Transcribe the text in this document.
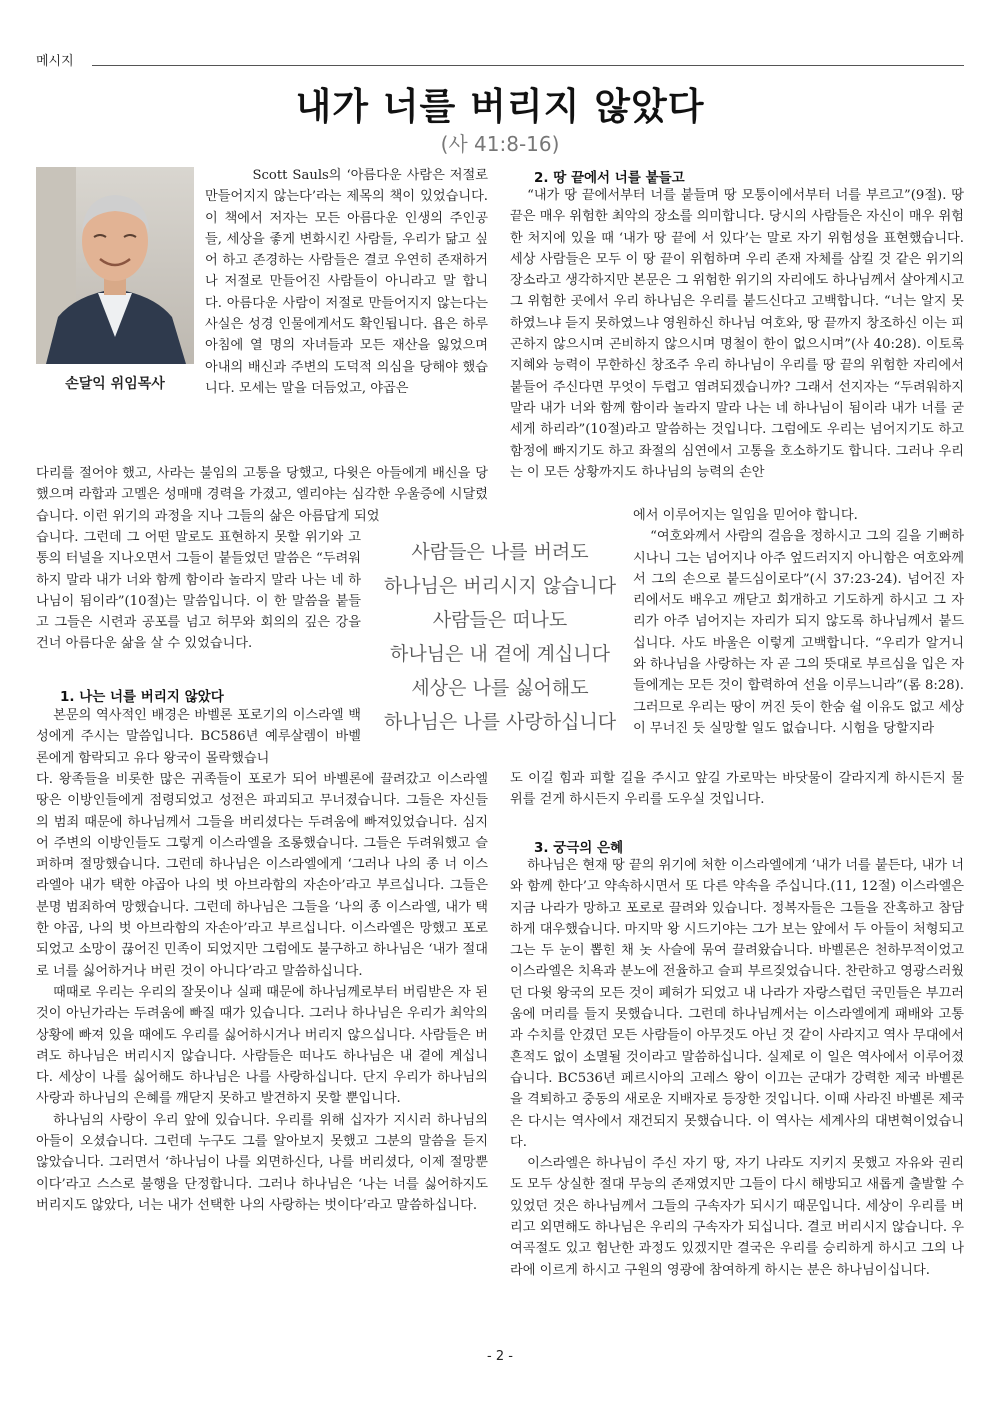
메시지
내가 너를 버리지 않았다
(사 41:8-16)
손달익 위임목사

Scott Sauls의 ‘아름다운 사람은 저절로 만들어지지 않는다’라는 제목의 책이 있었습니다. 이 책에서 저자는 모든 아름다운 인생의 주인공들, 세상을 좋게 변화시킨 사람들, 우리가 닮고 싶어 하고 존경하는 사람들은 결코 우연히 존재하거나 저절로 만들어진 사람들이 아니라고 말 합니다. 아름다운 사람이 저절로 만들어지지 않는다는 사실은 성경 인물에게서도 확인됩니다. 욥은 하루아침에 열 명의 자녀들과 모든 재산을 잃었으며 아내의 배신과 주변의 도덕적 의심을 당해야 했습니다. 모세는 말을 더듬었고, 야곱은

다리를 절어야 했고, 사라는 불임의 고통을 당했고, 다윗은 아들에게 배신을 당했으며 라합과 고멜은 성매매 경력을 가졌고, 엘리야는 심각한 우울증에 시달렸습니다. 이런 위기의 과정을 지나 그들의 삶은 아름답게 되었

습니다. 그런데 그 어떤 말로도 표현하지 못할 위기와 고통의 터널을 지나오면서 그들이 붙들었던 말씀은 “두려워하지 말라 내가 너와 함께 함이라 놀라지 말라 나는 네 하나님이 됨이라”(10절)는 말씀입니다. 이 한 말씀을 붙들고 그들은 시련과 공포를 넘고 허무와 회의의 깊은 강을 건너 아름다운 삶을 살 수 있었습니다.

사람들은 나를 버려도
하나님은 버리시지 않습니다
사람들은 떠나도
하나님은 내 곁에 계십니다
세상은 나를 싫어해도
하나님은 나를 사랑하십니다
1. 나는 너를 버리지 않았다

본문의 역사적인 배경은 바벨론 포로기의 이스라엘 백성에게 주시는 말씀입니다. BC586년 예루살렘이 바벨론에게 함락되고 유다 왕국이 몰락했습니

다. 왕족들을 비롯한 많은 귀족들이 포로가 되어 바벨론에 끌려갔고 이스라엘 땅은 이방인들에게 점령되었고 성전은 파괴되고 무너졌습니다. 그들은 자신들의 범죄 때문에 하나님께서 그들을 버리셨다는 두려움에 빠져있었습니다. 심지어 주변의 이방인들도 그렇게 이스라엘을 조롱했습니다. 그들은 두려워했고 슬퍼하며 절망했습니다. 그런데 하나님은 이스라엘에게 ‘그러나 나의 종 너 이스라엘아 내가 택한 야곱아 나의 벗 아브라함의 자손아’라고 부르십니다. 그들은 분명 범죄하여 망했습니다. 그런데 하나님은 그들을 ‘나의 종 이스라엘, 내가 택한 야곱, 나의 벗 아브라함의 자손아’라고 부르십니다. 이스라엘은 망했고 포로 되었고 소망이 끊어진 민족이 되었지만 그럼에도 불구하고 하나님은 ‘내가 절대로 너를 싫어하거나 버린 것이 아니다’라고 말씀하십니다.

때때로 우리는 우리의 잘못이나 실패 때문에 하나님께로부터 버림받은 자 된 것이 아닌가라는 두려움에 빠질 때가 있습니다. 그러나 하나님은 우리가 최악의 상황에 빠져 있을 때에도 우리를 싫어하시거나 버리지 않으십니다. 사람들은 버려도 하나님은 버리시지 않습니다. 사람들은 떠나도 하나님은 내 곁에 계십니다. 세상이 나를 싫어해도 하나님은 나를 사랑하십니다. 단지 우리가 하나님의 사랑과 하나님의 은혜를 깨닫지 못하고 발견하지 못할 뿐입니다.

하나님의 사랑이 우리 앞에 있습니다. 우리를 위해 십자가 지시러 하나님의 아들이 오셨습니다. 그런데 누구도 그를 알아보지 못했고 그분의 말씀을 듣지 않았습니다. 그러면서 ‘하나님이 나를 외면하신다, 나를 버리셨다, 이제 절망뿐이다’라고 스스로 불행을 단정합니다. 그러나 하나님은 ‘나는 너를 싫어하지도 버리지도 않았다, 너는 내가 선택한 나의 사랑하는 벗이다’라고 말씀하십니다.

2. 땅 끝에서 너를 붙들고

“내가 땅 끝에서부터 너를 붙들며 땅 모퉁이에서부터 너를 부르고”(9절). 땅 끝은 매우 위험한 최악의 장소를 의미합니다. 당시의 사람들은 자신이 매우 위험한 처지에 있을 때 ‘내가 땅 끝에 서 있다’는 말로 자기 위험성을 표현했습니다. 세상 사람들은 모두 이 땅 끝이 위험하며 우리 존재 자체를 삼킬 것 같은 위기의 장소라고 생각하지만 본문은 그 위험한 위기의 자리에도 하나님께서 살아계시고 그 위험한 곳에서 우리 하나님은 우리를 붙드신다고 고백합니다. “너는 알지 못하였느냐 듣지 못하였느냐 영원하신 하나님 여호와, 땅 끝까지 창조하신 이는 피곤하지 않으시며 곤비하지 않으시며 명철이 한이 없으시며”(사 40:28). 이토록 지혜와 능력이 무한하신 창조주 우리 하나님이 우리를 땅 끝의 위험한 자리에서 붙들어 주신다면 무엇이 두렵고 염려되겠습니까? 그래서 선지자는 “두려워하지 말라 내가 너와 함께 함이라 놀라지 말라 나는 네 하나님이 됨이라 내가 너를 굳세게 하리라”(10절)라고 말씀하는 것입니다. 그럼에도 우리는 넘어지기도 하고 함정에 빠지기도 하고 좌절의 심연에서 고통을 호소하기도 합니다. 그러나 우리는 이 모든 상황까지도 하나님의 능력의 손안

에서 이루어지는 일임을 믿어야 합니다.

“여호와께서 사람의 걸음을 정하시고 그의 길을 기뻐하시나니 그는 넘어지나 아주 엎드러지지 아니함은 여호와께서 그의 손으로 붙드심이로다”(시 37:23-24). 넘어진 자리에서도 배우고 깨닫고 회개하고 기도하게 하시고 그 자리가 아주 넘어지는 자리가 되지 않도록 하나님께서 붙드십니다. 사도 바울은 이렇게 고백합니다. “우리가 알거니와 하나님을 사랑하는 자 곧 그의 뜻대로 부르심을 입은 자들에게는 모든 것이 합력하여 선을 이루느니라”(롬 8:28). 그러므로 우리는 땅이 꺼진 듯이 한숨 쉴 이유도 없고 세상이 무너진 듯 실망할 일도 없습니다. 시험을 당할지라

도 이길 힘과 피할 길을 주시고 앞길 가로막는 바닷물이 갈라지게 하시든지 물 위를 걷게 하시든지 우리를 도우실 것입니다.

3. 궁극의 은혜

하나님은 현재 땅 끝의 위기에 처한 이스라엘에게 ‘내가 너를 붙든다, 내가 너와 함께 한다’고 약속하시면서 또 다른 약속을 주십니다.(11, 12절) 이스라엘은 지금 나라가 망하고 포로로 끌려와 있습니다. 정복자들은 그들을 잔혹하고 참담하게 대우했습니다. 마지막 왕 시드기야는 그가 보는 앞에서 두 아들이 처형되고 그는 두 눈이 뽑힌 채 놋 사슬에 묶여 끌려왔습니다. 바벨론은 천하무적이었고 이스라엘은 치욕과 분노에 전율하고 슬피 부르짖었습니다. 찬란하고 영광스러웠던 다윗 왕국의 모든 것이 폐허가 되었고 내 나라가 자랑스럽던 국민들은 부끄러움에 머리를 들지 못했습니다. 그런데 하나님께서는 이스라엘에게 패배와 고통과 수치를 안겼던 모든 사람들이 아무것도 아닌 것 같이 사라지고 역사 무대에서 흔적도 없이 소멸될 것이라고 말씀하십니다. 실제로 이 일은 역사에서 이루어졌습니다. BC536년 페르시아의 고레스 왕이 이끄는 군대가 강력한 제국 바벨론을 격퇴하고 중동의 새로운 지배자로 등장한 것입니다. 이때 사라진 바벨론 제국은 다시는 역사에서 재건되지 못했습니다. 이 역사는 세계사의 대변혁이었습니다.

이스라엘은 하나님이 주신 자기 땅, 자기 나라도 지키지 못했고 자유와 권리도 모두 상실한 절대 무능의 존재였지만 그들이 다시 해방되고 새롭게 출발할 수 있었던 것은 하나님께서 그들의 구속자가 되시기 때문입니다. 세상이 우리를 버리고 외면해도 하나님은 우리의 구속자가 되십니다. 결코 버리시지 않습니다. 우여곡절도 있고 험난한 과정도 있겠지만 결국은 우리를 승리하게 하시고 그의 나라에 이르게 하시고 구원의 영광에 참여하게 하시는 분은 하나님이십니다.

- 2 -
